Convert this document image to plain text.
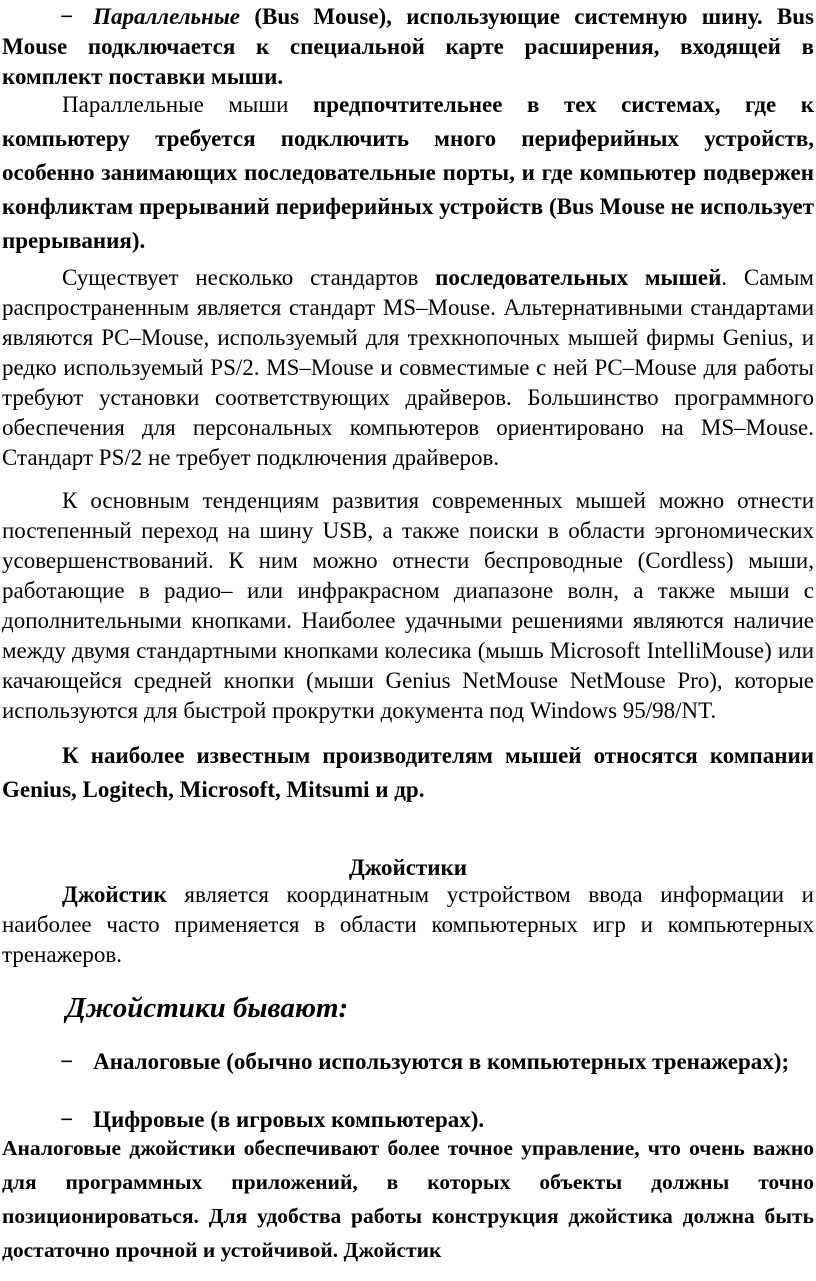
− Параллельные (Bus Mouse), использующие системную шину. Bus Mouse подключается к специальной карте расширения, входящей в комплект поставки мыши.

Параллельные мыши предпочтительнее в тех системах, где к компьютеру требуется подключить много периферийных устройств, особенно занимающих последовательные порты, и где компьютер подвержен конфликтам прерываний периферийных устройств (Bus Mouse не использует прерывания).

Существует несколько стандартов последовательных мышей. Самым распространенным является стандарт MS–Mouse. Альтернативными стандартами являются PC–Mouse, используемый для трехкнопочных мышей фирмы Genius, и редко используемый PS/2. MS–Mouse и совместимые с ней PC–Mouse для работы требуют установки соответствующих драйверов. Большинство программного обеспечения для персональных компьютеров ориентировано на MS–Mouse. Стандарт PS/2 не требует подключения драйверов.

К основным тенденциям развития современных мышей можно отнести постепенный переход на шину USB, а также поиски в области эргономических усовершенствований. К ним можно отнести беспроводные (Cordless) мыши, работающие в радио– или инфракрасном диапазоне волн, а также мыши с дополнительными кнопками. Наиболее удачными решениями являются наличие между двумя стандартными кнопками колесика (мышь Microsoft IntelliMouse) или качающейся средней кнопки (мыши Genius NetMouse NetMouse Pro), которые используются для быстрой прокрутки документа под Windows 95/98/NT.

К наиболее известным производителям мышей относятся компании Genius, Logitech, Microsoft, Mitsumi и др.

Джойстики

Джойстик является координатным устройством ввода информации и наиболее часто применяется в области компьютерных игр и компьютерных тренажеров.

Джойстики бывают:

− Аналоговые (обычно используются в компьютерных тренажерах);

− Цифровые (в игровых компьютерах).

Аналоговые джойстики обеспечивают более точное управление, что очень важно для программных приложений, в которых объекты должны точно позиционироваться. Для удобства работы конструкция джойстика должна быть достаточно прочной и устойчивой. Джойстик
